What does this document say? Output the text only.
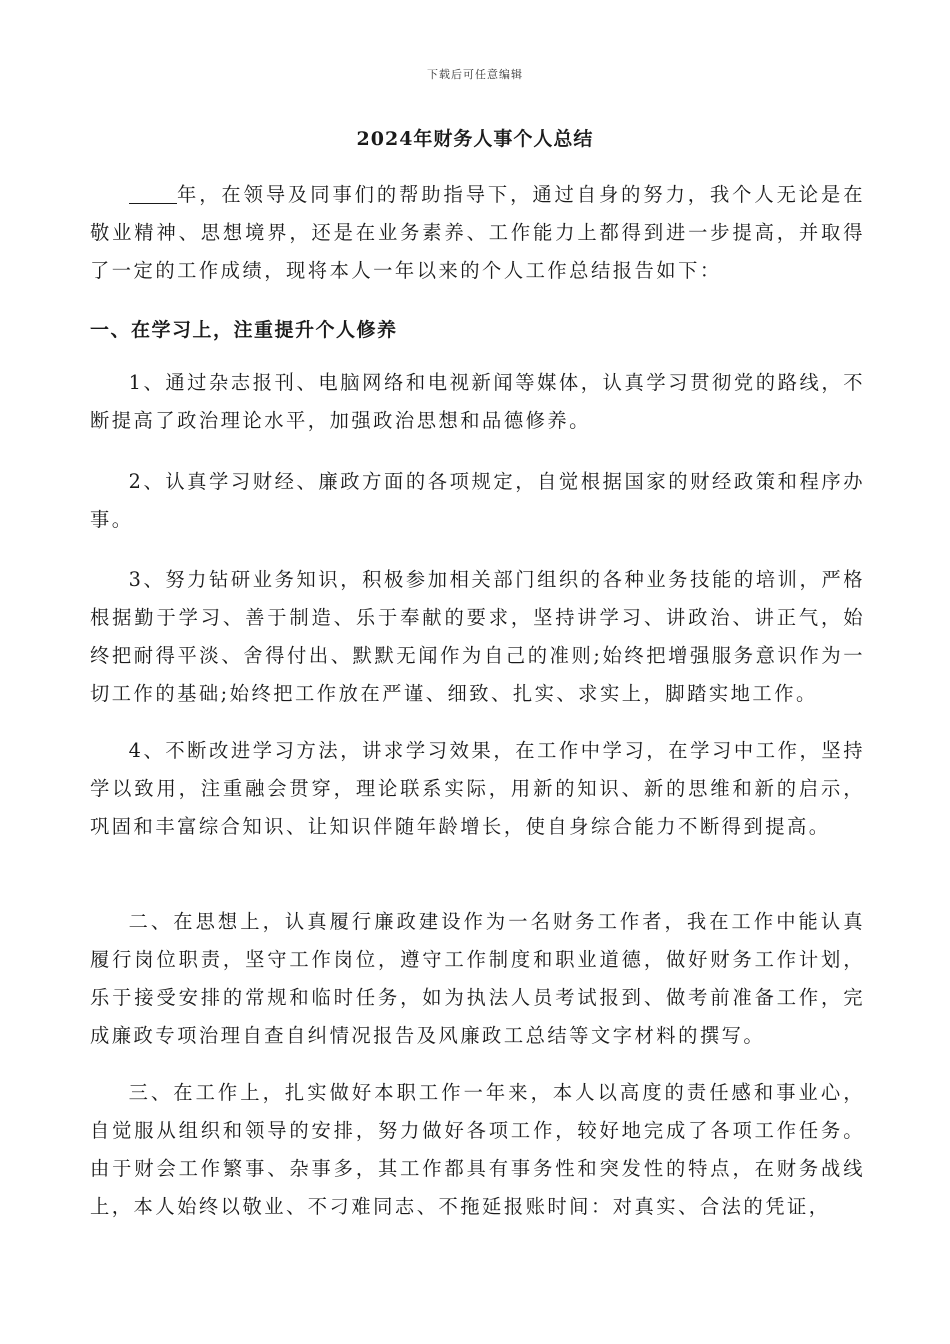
下载后可任意编辑
2024年财务人事个人总结

年，在领导及同事们的帮助指导下，通过自身的努力，我个人无论是在敬业精神、思想境界，还是在业务素养、工作能力上都得到进一步提高，并取得了一定的工作成绩，现将本人一年以来的个人工作总结报告如下：

一、在学习上，注重提升个人修养

1、通过杂志报刊、电脑网络和电视新闻等媒体，认真学习贯彻党的路线，不断提高了政治理论水平，加强政治思想和品德修养。

2、认真学习财经、廉政方面的各项规定，自觉根据国家的财经政策和程序办事。

3、努力钻研业务知识，积极参加相关部门组织的各种业务技能的培训，严格根据勤于学习、善于制造、乐于奉献的要求，坚持讲学习、讲政治、讲正气，始终把耐得平淡、舍得付出、默默无闻作为自己的准则;始终把增强服务意识作为一切工作的基础;始终把工作放在严谨、细致、扎实、求实上，脚踏实地工作。

4、不断改进学习方法，讲求学习效果，在工作中学习，在学习中工作，坚持学以致用，注重融会贯穿，理论联系实际，用新的知识、新的思维和新的启示，巩固和丰富综合知识、让知识伴随年龄增长，使自身综合能力不断得到提高。

二、在思想上，认真履行廉政建设作为一名财务工作者，我在工作中能认真履行岗位职责，坚守工作岗位，遵守工作制度和职业道德，做好财务工作计划，乐于接受安排的常规和临时任务，如为执法人员考试报到、做考前准备工作，完成廉政专项治理自查自纠情况报告及风廉政工总结等文字材料的撰写。

三、在工作上，扎实做好本职工作一年来，本人以高度的责任感和事业心，自觉服从组织和领导的安排，努力做好各项工作，较好地完成了各项工作任务。由于财会工作繁事、杂事多，其工作都具有事务性和突发性的特点，在财务战线上，本人始终以敬业、不刁难同志、不拖延报账时间：对真实、合法的凭证，
